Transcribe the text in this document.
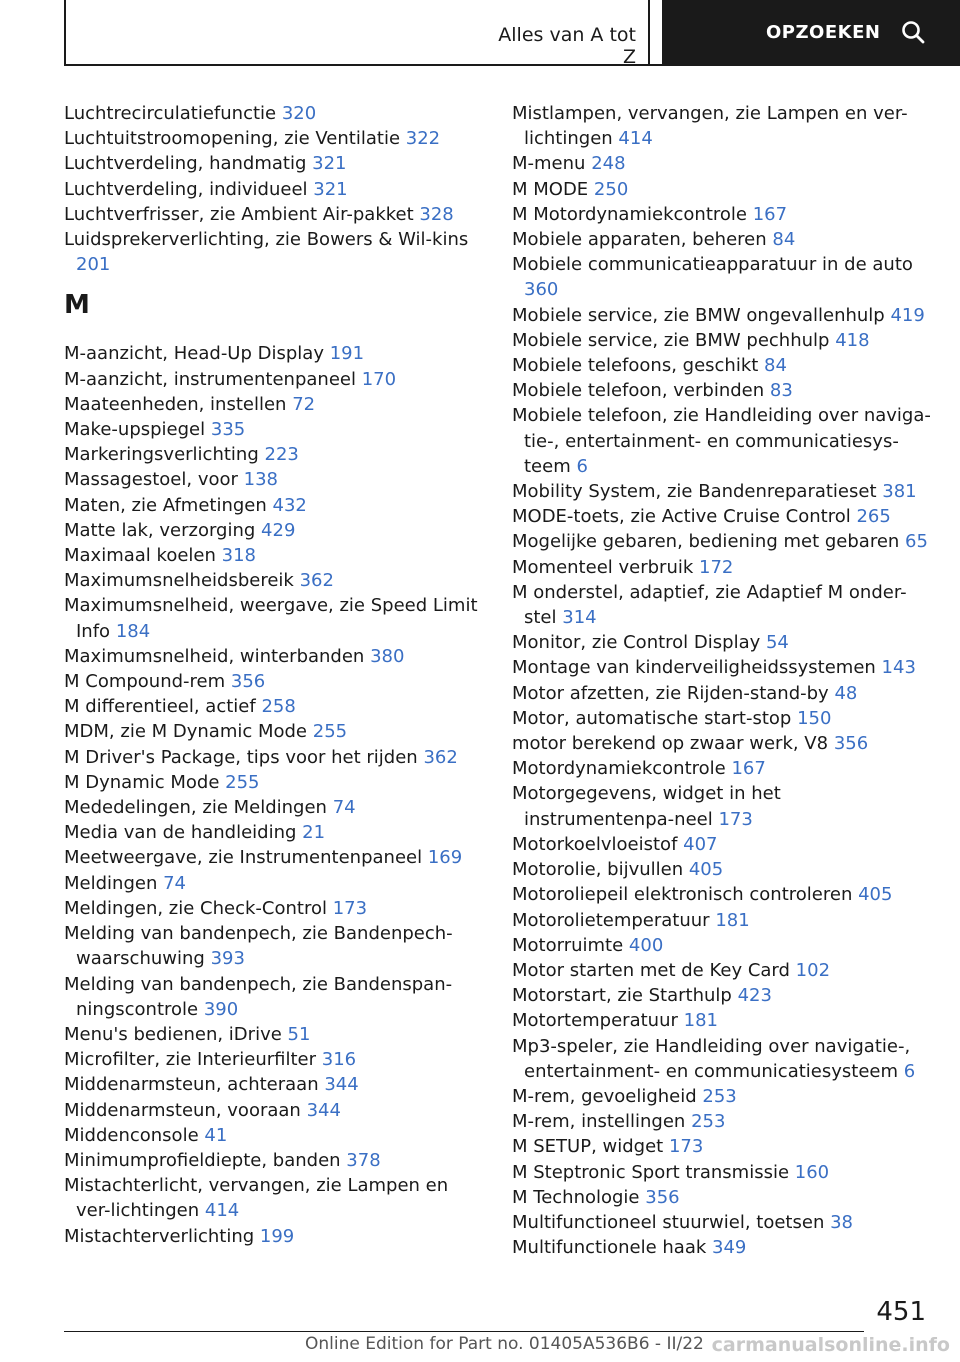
Alles van A tot Z
OPZOEKEN
Luchtrecirculatiefunctie 320
Luchtuitstroomopening, zie Ventilatie 322
Luchtverdeling, handmatig 321
Luchtverdeling, individueel 321
Luchtverfrisser, zie Ambient Air-pakket 328
Luidsprekerverlichting, zie Bowers & Wil-kins 201
M
M-aanzicht, Head-Up Display 191
M-aanzicht, instrumentenpaneel 170
Maateenheden, instellen 72
Make-upspiegel 335
Markeringsverlichting 223
Massagestoel, voor 138
Maten, zie Afmetingen 432
Matte lak, verzorging 429
Maximaal koelen 318
Maximumsnelheidsbereik 362
Maximumsnelheid, weergave, zie Speed Limit Info 184
Maximumsnelheid, winterbanden 380
M Compound-rem 356
M differentieel, actief 258
MDM, zie M Dynamic Mode 255
M Driver's Package, tips voor het rijden 362
M Dynamic Mode 255
Mededelingen, zie Meldingen 74
Media van de handleiding 21
Meetweergave, zie Instrumentenpaneel 169
Meldingen 74
Meldingen, zie Check-Control 173
Melding van bandenpech, zie Bandenpech-waarschuwing 393
Melding van bandenpech, zie Bandenspan-ningscontrole 390
Menu's bedienen, iDrive 51
Microfilter, zie Interieurfilter 316
Middenarmsteun, achteraan 344
Middenarmsteun, vooraan 344
Middenconsole 41
Minimumprofieldiepte, banden 378
Mistachterlicht, vervangen, zie Lampen en ver-lichtingen 414
Mistachterverlichting 199
Mistlampen, vervangen, zie Lampen en ver-lichtingen 414
M-menu 248
M MODE 250
M Motordynamiekcontrole 167
Mobiele apparaten, beheren 84
Mobiele communicatieapparatuur in de auto 360
Mobiele service, zie BMW ongevallenhulp 419
Mobiele service, zie BMW pechhulp 418
Mobiele telefoons, geschikt 84
Mobiele telefoon, verbinden 83
Mobiele telefoon, zie Handleiding over naviga-tie-, entertainment- en communicatiesys-teem 6
Mobility System, zie Bandenreparatieset 381
MODE-toets, zie Active Cruise Control 265
Mogelijke gebaren, bediening met gebaren 65
Momenteel verbruik 172
M onderstel, adaptief, zie Adaptief M onder-stel 314
Monitor, zie Control Display 54
Montage van kinderveiligheidssystemen 143
Motor afzetten, zie Rijden-stand-by 48
Motor, automatische start-stop 150
motor berekend op zwaar werk, V8 356
Motordynamiekcontrole 167
Motorgegevens, widget in het instrumentenpa-neel 173
Motorkoelvloeistof 407
Motorolie, bijvullen 405
Motoroliepeil elektronisch controleren 405
Motorolietemperatuur 181
Motorruimte 400
Motor starten met de Key Card 102
Motorstart, zie Starthulp 423
Motortemperatuur 181
Mp3-speler, zie Handleiding over navigatie-, entertainment- en communicatiesysteem 6
M-rem, gevoeligheid 253
M-rem, instellingen 253
M SETUP, widget 173
M Steptronic Sport transmissie 160
M Technologie 356
Multifunctioneel stuurwiel, toetsen 38
Multifunctionele haak 349
451
Online Edition for Part no. 01405A536B6 - II/22 carmanualsonline.info
